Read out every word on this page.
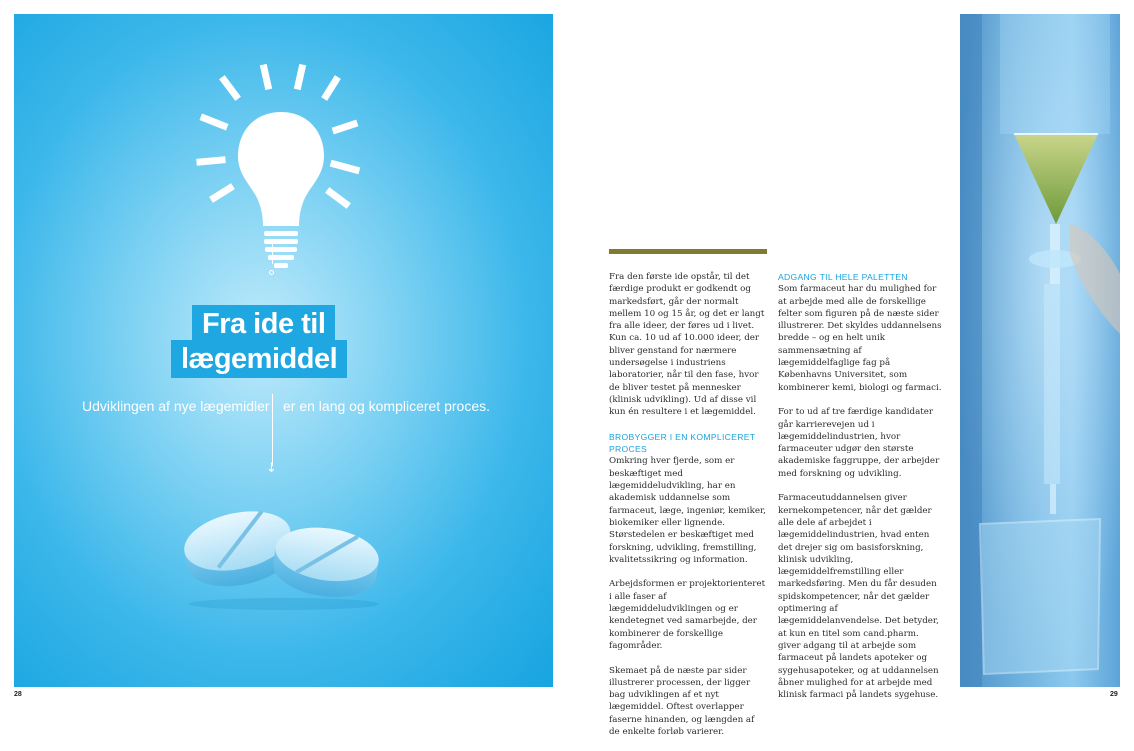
↓
Fra ide til
lægemiddel
Udviklingen af nye lægemidler er en lang og kompliceret proces.
28

Fra den første ide opstår, til det færdige produkt er godkendt og markedsført, går der normalt mellem 10 og 15 år, og det er langt fra alle ideer, der føres ud i livet. Kun ca. 10 ud af 10.000 ideer, der bliver genstand for nærmere undersøgelse i industriens laboratorier, når til den fase, hvor de bliver testet på mennesker (klinisk udvikling). Ud af disse vil kun én resultere i et lægemiddel.

BROBYGGER I EN KOMPLICERET PROCES

Omkring hver fjerde, som er beskæftiget med lægemiddeludvikling, har en akademisk uddannelse som farmaceut, læge, ingeniør, kemiker, biokemiker eller lignende. Størstedelen er beskæftiget med forskning, udvikling, fremstilling, kvalitetssikring og information.

Arbejdsformen er projektorienteret i alle faser af lægemiddeludviklingen og er kendetegnet ved samarbejde, der kombinerer de forskellige fagområder.

Skemaet på de næste par sider illustrerer processen, der ligger bag udviklingen af et nyt lægemiddel. Oftest overlapper faserne hinanden, og længden af de enkelte forløb varierer.

ADGANG TIL HELE PALETTEN

Som farmaceut har du mulighed for at arbejde med alle de forskellige felter som figuren på de næste sider illustrerer. Det skyldes uddannelsens bredde – og en helt unik sammensætning af lægemiddelfaglige fag på Københavns Universitet, som kombinerer kemi, biologi og farmaci.

For to ud af tre færdige kandidater går karrierevejen ud i lægemiddelindustrien, hvor farmaceuter udgør den største akademiske faggruppe, der arbejder med forskning og udvikling.

Farmaceutuddannelsen giver kernekompetencer, når det gælder alle dele af arbejdet i lægemiddelindustrien, hvad enten det drejer sig om basisforskning, klinisk udvikling, lægemiddelfremstilling eller markedsføring. Men du får desuden spidskompetencer, når det gælder optimering af lægemiddelanvendelse. Det betyder, at kun en titel som cand.pharm. giver adgang til at arbejde som farmaceut på landets apoteker og sygehusapoteker, og at uddannelsen åbner mulighed for at arbejde med klinisk farmaci på landets sygehuse.	29
